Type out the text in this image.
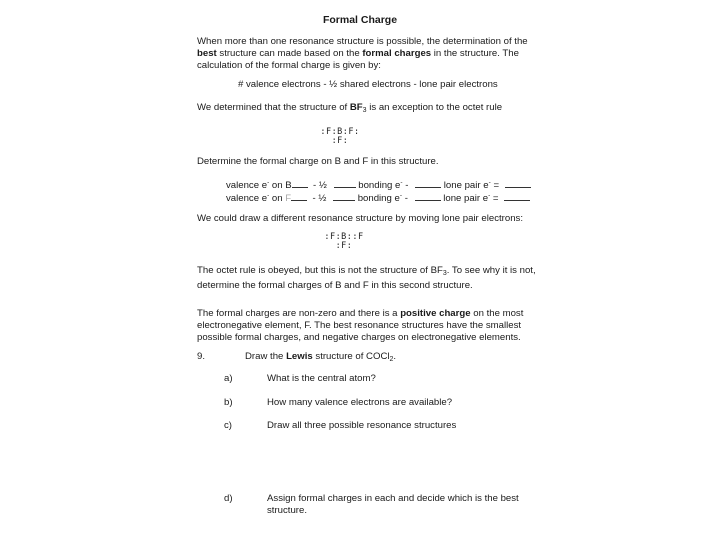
Formal Charge
When more than one resonance structure is possible, the determination of the
best structure can made based on the formal charges in the structure. The
calculation of the formal charge is given by:
# valence electrons - ½ shared electrons - lone pair electrons
We determined that the structure of $BF_3$ is an exception to the octet rule
:F:B:F:
:F:
Determine the formal charge on B and F in this structure.
valence e- on B - ½	bonding e- -	lone pair e- =
valence e- on F - ½	bonding e- -	lone pair e- =
We could draw a different resonance structure by moving lone pair electrons:
:F:B::F
:F:
The octet rule is obeyed, but this is not the structure of $BF_3$. To see why it is not,
determine the formal charges of B and F in this second structure.
The formal charges are non-zero and there is a positive charge on the most
electronegative element, F. The best resonance structures have the smallest
possible formal charges, and negative charges on electronegative elements.
9.	Draw the Lewis structure of COCl$_2$.
a)	What is the central atom?
b)	How many valence electrons are available?
c)	Draw all three possible resonance structures
d)	Assign formal charges in each and decide which is the best
structure.
